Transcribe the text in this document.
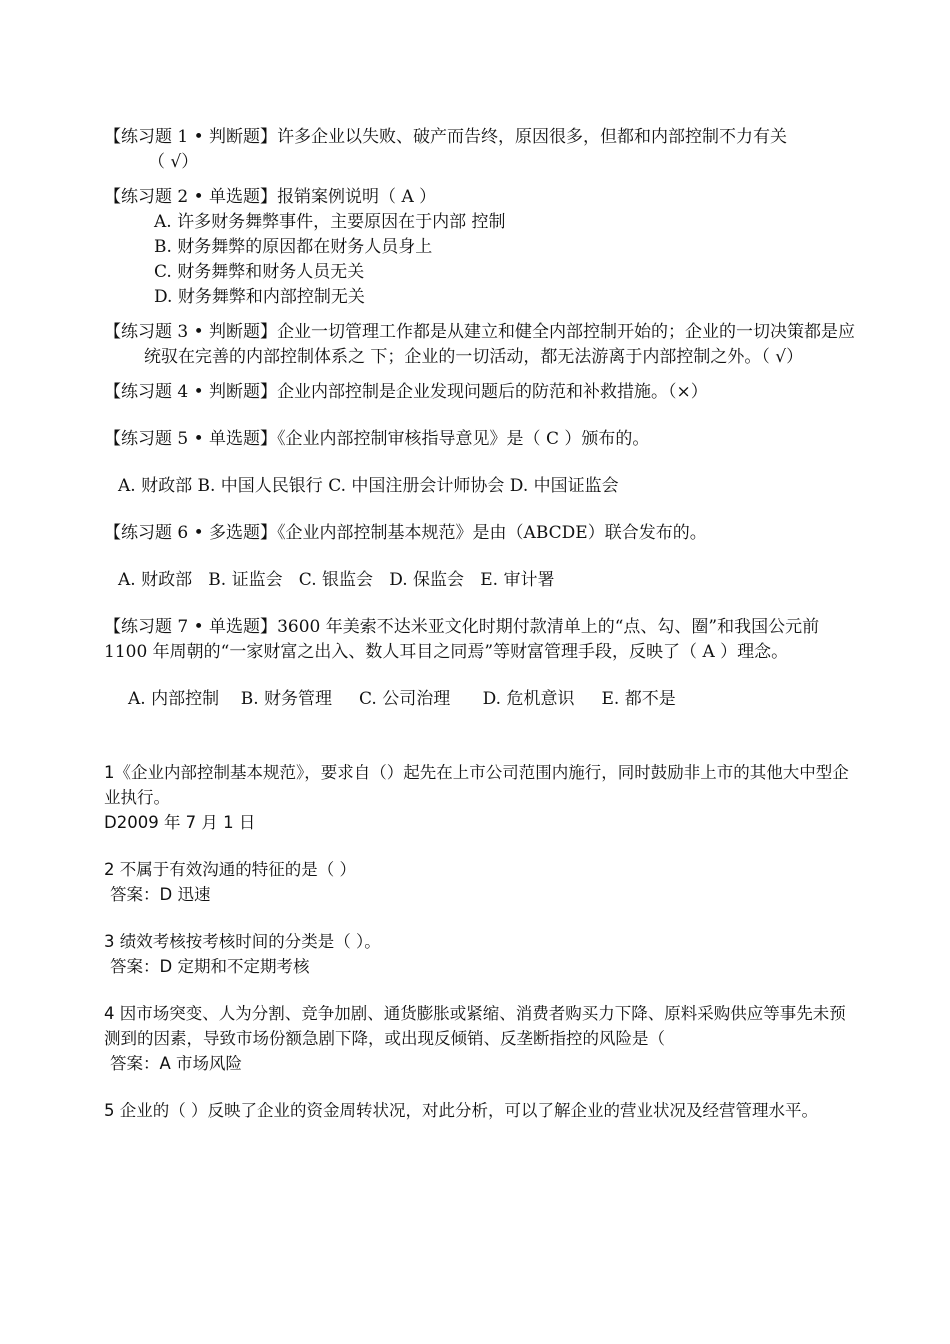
【练习题 1 • 判断题】许多企业以失败、破产而告终，原因很多，但都和内部控制不力有关
（ √）
【练习题 2 • 单选题】报销案例说明（ A ）
A. 许多财务舞弊事件，主要原因在于内部 控制
B. 财务舞弊的原因都在财务人员身上
C. 财务舞弊和财务人员无关
D. 财务舞弊和内部控制无关
【练习题 3 • 判断题】企业一切管理工作都是从建立和健全内部控制开始的；企业的一切决策都是应统驭在完善的内部控制体系之 下；企业的一切活动，都无法游离于内部控制之外。（ √）
【练习题 4 • 判断题】企业内部控制是企业发现问题后的防范和补救措施。（×）
【练习题 5 • 单选题】《企业内部控制审核指导意见》是（ C ）颁布的。
A. 财政部 B. 中国人民银行 C. 中国注册会计师协会 D. 中国证监会
【练习题 6 • 多选题】《企业内部控制基本规范》是由（ABCDE）联合发布的。
A. 财政部   B. 证监会   C. 银监会   D. 保监会   E. 审计署
【练习题 7 • 单选题】3600 年美索不达米亚文化时期付款清单上的“点、勾、圈”和我国公元前 1100 年周朝的“一家财富之出入、数人耳目之同焉”等财富管理手段，反映了（ A ）理念。
A. 内部控制    B. 财务管理     C. 公司治理      D. 危机意识     E. 都不是
1《企业内部控制基本规范》，要求自（）起先在上市公司范围内施行，同时鼓励非上市的其他大中型企业执行。
D2009 年 7 月 1 日
2 不属于有效沟通的特征的是（ ）
答案：D 迅速
3 绩效考核按考核时间的分类是（ ）。
答案：D 定期和不定期考核
4 因市场突变、人为分割、竞争加剧、通货膨胀或紧缩、消费者购买力下降、原料采购供应等事先未预测到的因素，导致市场份额急剧下降，或出现反倾销、反垄断指控的风险是（
答案：A 市场风险
5 企业的（ ）反映了企业的资金周转状况，对此分析，可以了解企业的营业状况及经营管理水平。
